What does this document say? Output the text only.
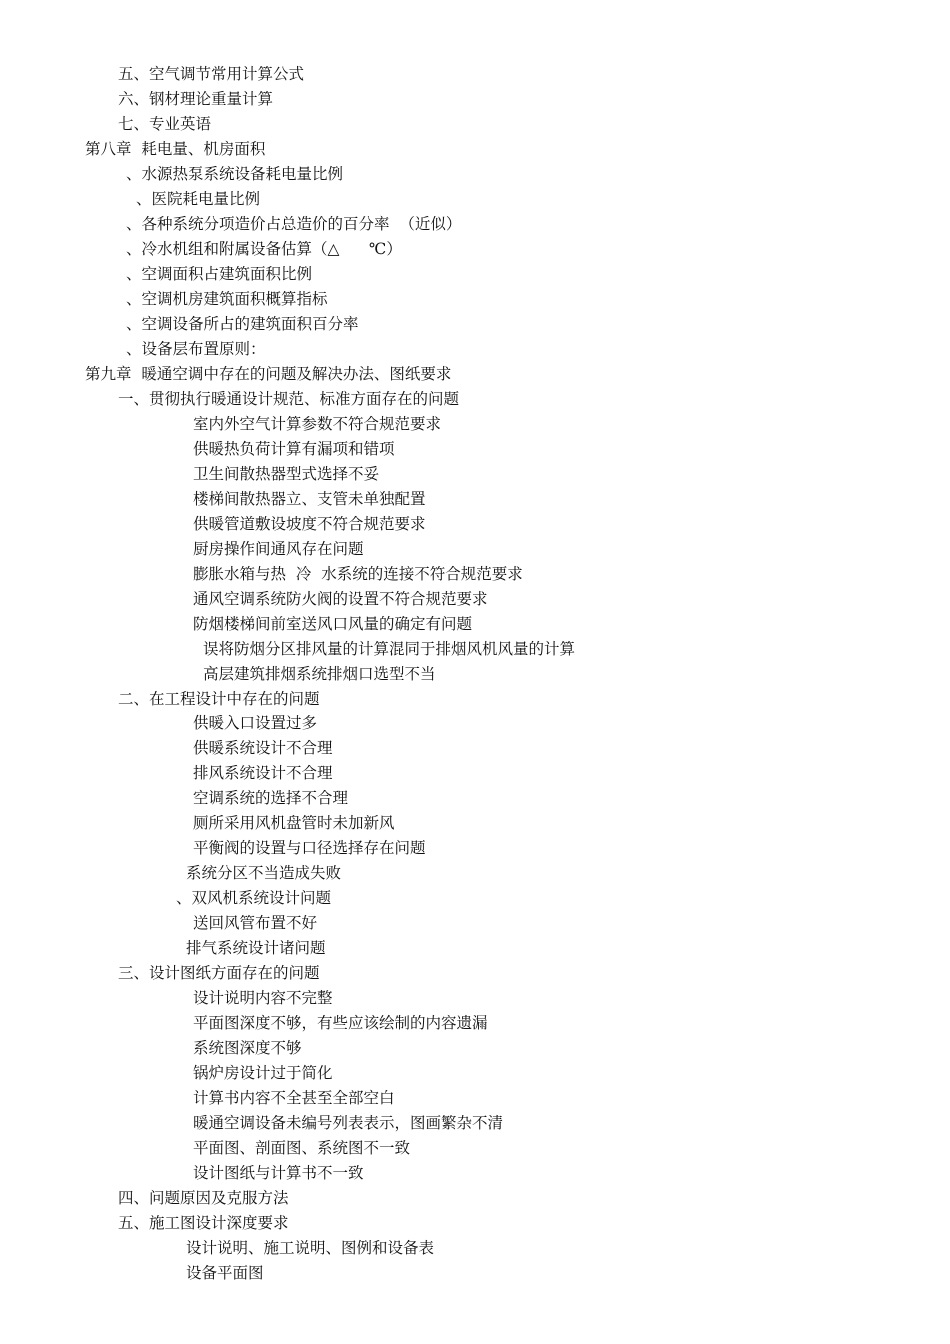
五、空气调节常用计算公式
六、钢材理论重量计算
七、专业英语
第八章  耗电量、机房面积
、水源热泵系统设备耗电量比例
、医院耗电量比例
、各种系统分项造价占总造价的百分率  （近似）
、冷水机组和附属设备估算（△      ℃）
、空调面积占建筑面积比例
、空调机房建筑面积概算指标
、空调设备所占的建筑面积百分率
、设备层布置原则：
第九章  暖通空调中存在的问题及解决办法、图纸要求
一、贯彻执行暖通设计规范、标准方面存在的问题
室内外空气计算参数不符合规范要求
供暖热负荷计算有漏项和错项
卫生间散热器型式选择不妥
楼梯间散热器立、支管未单独配置
供暖管道敷设坡度不符合规范要求
厨房操作间通风存在问题
膨胀水箱与热  冷  水系统的连接不符合规范要求
通风空调系统防火阀的设置不符合规范要求
防烟楼梯间前室送风口风量的确定有问题
误将防烟分区排风量的计算混同于排烟风机风量的计算
高层建筑排烟系统排烟口选型不当
二、在工程设计中存在的问题
供暖入口设置过多
供暖系统设计不合理
排风系统设计不合理
空调系统的选择不合理
厕所采用风机盘管时未加新风
平衡阀的设置与口径选择存在问题
系统分区不当造成失败
、双风机系统设计问题
送回风管布置不好
排气系统设计诸问题
三、设计图纸方面存在的问题
设计说明内容不完整
平面图深度不够，有些应该绘制的内容遗漏
系统图深度不够
锅炉房设计过于简化
计算书内容不全甚至全部空白
暖通空调设备未编号列表表示，图画繁杂不清
平面图、剖面图、系统图不一致
设计图纸与计算书不一致
四、问题原因及克服方法
五、施工图设计深度要求
设计说明、施工说明、图例和设备表
设备平面图
